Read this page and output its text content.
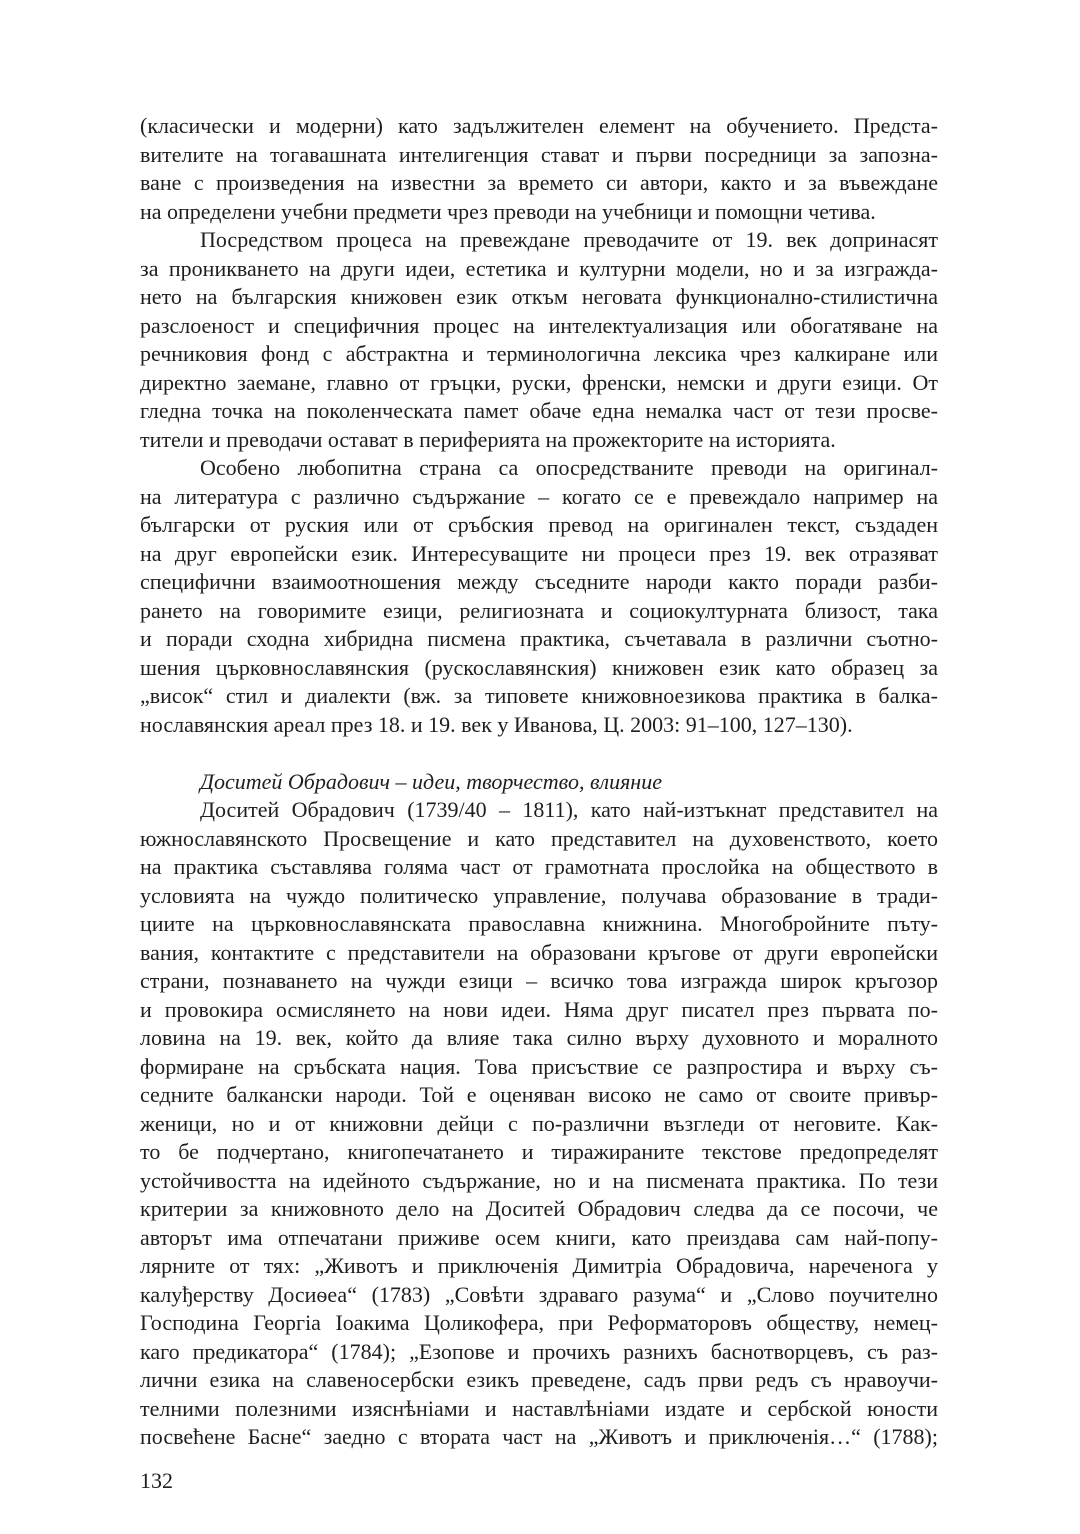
(класически и модерни) като задължителен елемент на обучението. Предста-
вителите на тогавашната интелигенция стават и първи посредници за запозна-
ване с произведения на известни за времето си автори, както и за въвеждане
на определени учебни предмети чрез преводи на учебници и помощни четива.
Посредством процеса на превеждане преводачите от 19. век допринасят
за проникването на други идеи, естетика и културни модели, но и за изгражда-
нето на българския книжовен език откъм неговата функционално-стилистична
разслоеност и специфичния процес на интелектуализация или обогатяване на
речниковия фонд с абстрактна и терминологична лексика чрез калкиране или
директно заемане, главно от гръцки, руски, френски, немски и други езици. От
гледна точка на поколенческата памет обаче една немалка част от тези просве-
тители и преводачи остават в периферията на прожекторите на историята.
Особено любопитна страна са опосредстваните преводи на оригинал-
на литература с различно съдържание – когато се е превеждало например на
български от руския или от сръбския превод на оригинален текст, създаден
на друг европейски език. Интересуващите ни процеси през 19. век отразяват
специфични взаимоотношения между съседните народи както поради разби-
рането на говоримите езици, религиозната и социокултурната близост, така
и поради сходна хибридна писмена практика, съчетавала в различни съотно-
шения църковнославянския (рускославянския) книжовен език като образец за
„висок“ стил и диалекти (вж. за типовете книжовноезикова практика в балка-
нославянския ареал през 18. и 19. век у Иванова, Ц. 2003: 91–100, 127–130).
Доситей Обрадович – идеи, творчество, влияние
Доситей Обрадович (1739/40 – 1811), като най-изтъкнат представител на
южнославянското Просвещение и като представител на духовенството, което
на практика съставлява голяма част от грамотната прослойка на обществото в
условията на чуждо политическо управление, получава образование в тради-
циите на църковнославянската православна книжнина. Многобройните пъту-
вания, контактите с представители на образовани кръгове от други европейски
страни, познаването на чужди езици – всичко това изгражда широк кръгозор
и провокира осмислянето на нови идеи. Няма друг писател през първата по-
ловина на 19. век, който да влияе така силно върху духовното и моралното
формиране на сръбската нация. Това присъствие се разпростира и върху съ-
седните балкански народи. Той е оценяван високо не само от своите привър-
женици, но и от книжовни дейци с по-различни възгледи от неговите. Как-
то бе подчертано, книгопечатането и тиражираните текстове предопределят
устойчивостта на идейното съдържание, но и на писмената практика. По тези
критерии за книжовното дело на Доситей Обрадович следва да се посочи, че
авторът има отпечатани приживе осем книги, като преиздава сам най-попу-
лярните от тях: „Животъ и приключенія Димитріа Обрадовича, нареченога у
калуђерству Досиѳеа“ (1783) „Совѣти здраваго разума“ и „Слово поучително
Господина Георгіа Іоакима Цоликофера, при Реформаторовъ обществу, немец-
каго предикатора“ (1784); „Езопове и прочихъ разнихъ баснотворцевъ, съ раз-
лични езика на славеносербски езикъ преведене, садъ први редъ съ нравоучи-
телними полезними изяснѣніами и наставлѣніами издате и сербской юности
посвећене Басне“ заедно с втората част на „Животъ и приключенія…“ (1788);
132
